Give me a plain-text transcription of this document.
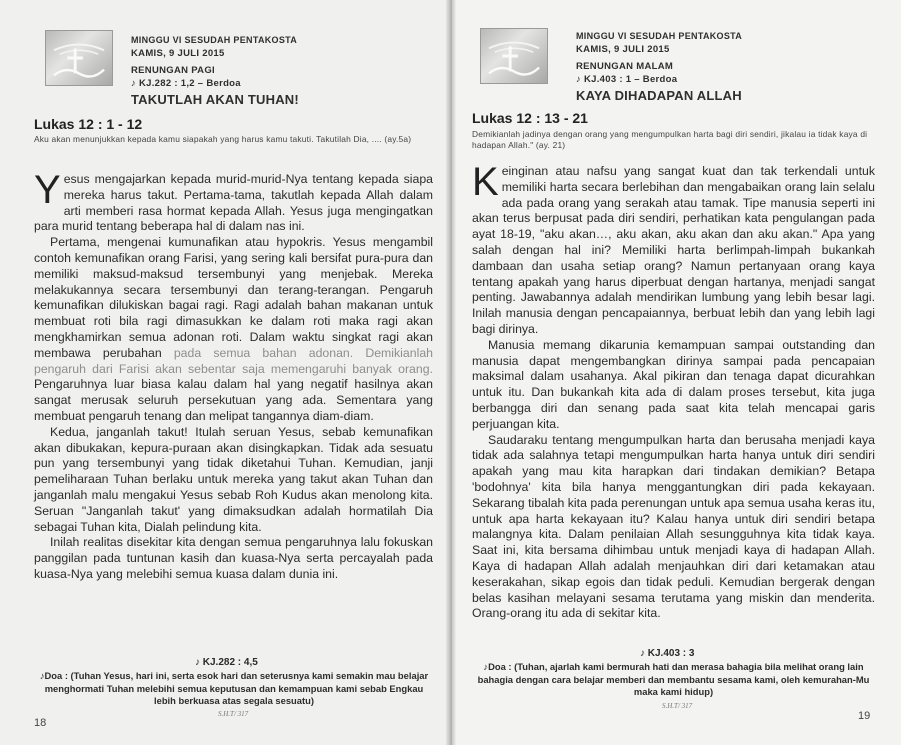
MINGGU VI SESUDAH PENTAKOSTA
KAMIS, 9 JULI 2015
RENUNGAN PAGI
♪ KJ.282 : 1,2 – Berdoa
TAKUTLAH AKAN TUHAN!
Lukas 12 : 1 - 12
Aku akan menunjukkan kepada kamu siapakah yang harus kamu takuti. Takutilah Dia, .... (ay.5a)

Yesus mengajarkan kepada murid-murid-Nya tentang kepada siapa mereka harus takut. Pertama-tama, takutlah kepada Allah dalam arti memberi rasa hormat kepada Allah. Yesus juga mengingatkan para murid tentang beberapa hal di dalam nas ini.

Pertama, mengenai kumunafikan atau hypokris. Yesus mengambil contoh kemunafikan orang Farisi, yang sering kali bersifat pura-pura dan memiliki maksud-maksud tersembunyi yang menjebak. Mereka melakukannya secara tersembunyi dan terang-terangan. Pengaruh kemunafikan dilukiskan bagai ragi. Ragi adalah bahan makanan untuk membuat roti bila ragi dimasukkan ke dalam roti maka ragi akan mengkhamirkan semua adonan roti. Dalam waktu singkat ragi akan membawa perubahan pada semua bahan adonan. Demikianlah pengaruh dari Farisi akan sebentar saja memengaruhi banyak orang. Pengaruhnya luar biasa kalau dalam hal yang negatif hasilnya akan sangat merusak seluruh persekutuan yang ada. Sementara yang membuat pengaruh tenang dan melipat tangannya diam-diam.

Kedua, janganlah takut! Itulah seruan Yesus, sebab kemunafikan akan dibukakan, kepura-puraan akan disingkapkan. Tidak ada sesuatu pun yang tersembunyi yang tidak diketahui Tuhan. Kemudian, janji pemeliharaan Tuhan berlaku untuk mereka yang takut akan Tuhan dan janganlah malu mengakui Yesus sebab Roh Kudus akan menolong kita. Seruan "Janganlah takut' yang dimaksudkan adalah hormatilah Dia sebagai Tuhan kita, Dialah pelindung kita.

Inilah realitas disekitar kita dengan semua pengaruhnya lalu fokuskan panggilan pada tuntunan kasih dan kuasa-Nya serta percayalah pada kuasa-Nya yang melebihi semua kuasa dalam dunia ini.

♪ KJ.282 : 4,5
♪Doa : (Tuhan Yesus, hari ini, serta esok hari dan seterusnya kami semakin mau belajar menghormati Tuhan melebihi semua keputusan dan kemampuan kami sebab Engkau lebih berkuasa atas segala sesuatu)
S.H.T/ 317
18
MINGGU VI SESUDAH PENTAKOSTA
KAMIS, 9 JULI 2015
RENUNGAN MALAM
♪ KJ.403 : 1 – Berdoa
KAYA DIHADAPAN ALLAH
Lukas 12 : 13 - 21
Demikianlah jadinya dengan orang yang mengumpulkan harta bagi diri sendiri, jikalau ia tidak kaya di hadapan Allah." (ay. 21)

Keinginan atau nafsu yang sangat kuat dan tak terkendali untuk memiliki harta secara berlebihan dan mengabaikan orang lain selalu ada pada orang yang serakah atau tamak. Tipe manusia seperti ini akan terus berpusat pada diri sendiri, perhatikan kata pengulangan pada ayat 18-19, "aku akan…, aku akan, aku akan dan aku akan." Apa yang salah dengan hal ini? Memiliki harta berlimpah-limpah bukankah dambaan dan usaha setiap orang? Namun pertanyaan orang kaya tentang apakah yang harus diperbuat dengan hartanya, menjadi sangat penting. Jawabannya adalah mendirikan lumbung yang lebih besar lagi. Inilah manusia dengan pencapaiannya, berbuat lebih dan yang lebih lagi bagi dirinya.

Manusia memang dikarunia kemampuan sampai outstanding dan manusia dapat mengembangkan dirinya sampai pada pencapaian maksimal dalam usahanya. Akal pikiran dan tenaga dapat dicurahkan untuk itu. Dan bukankah kita ada di dalam proses tersebut, kita juga berbangga diri dan senang pada saat kita telah mencapai garis perjuangan kita.

Saudaraku tentang mengumpulkan harta dan berusaha menjadi kaya tidak ada salahnya tetapi mengumpulkan harta hanya untuk diri sendiri apakah yang mau kita harapkan dari tindakan demikian? Betapa 'bodohnya' kita bila hanya menggantungkan diri pada kekayaan. Sekarang tibalah kita pada perenungan untuk apa semua usaha keras itu, untuk apa harta kekayaan itu? Kalau hanya untuk diri sendiri betapa malangnya kita. Dalam penilaian Allah sesungguhnya kita tidak kaya. Saat ini, kita bersama dihimbau untuk menjadi kaya di hadapan Allah. Kaya di hadapan Allah adalah menjauhkan diri dari ketamakan atau keserakahan, sikap egois dan tidak peduli. Kemudian bergerak dengan belas kasihan melayani sesama terutama yang miskin dan menderita. Orang-orang itu ada di sekitar kita.

♪ KJ.403 : 3
♪Doa : (Tuhan, ajarlah kami bermurah hati dan merasa bahagia bila melihat orang lain bahagia dengan cara belajar memberi dan membantu sesama kami, oleh kemurahan-Mu maka kami hidup)
S.H.T/ 317
19
